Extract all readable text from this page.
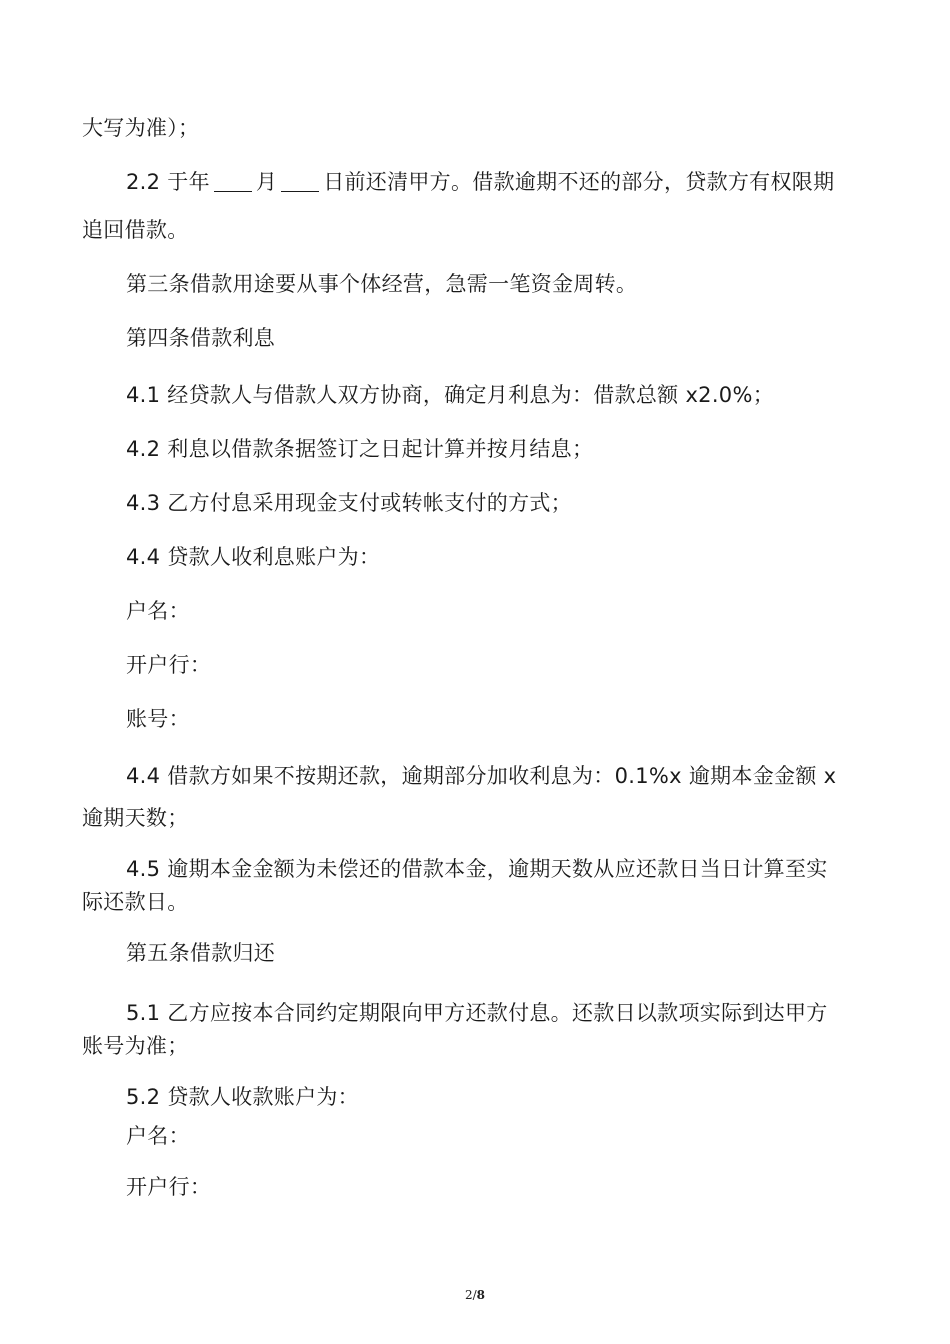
大写为准）；
2.2 于年 月 日前还清甲方。借款逾期不还的部分，贷款方有权限期
追回借款。
第三条借款用途要从事个体经营，急需一笔资金周转。
第四条借款利息
4.1 经贷款人与借款人双方协商，确定月利息为：借款总额 x2.0%；
4.2 利息以借款条据签订之日起计算并按月结息；
4.3 乙方付息采用现金支付或转帐支付的方式；
4.4 贷款人收利息账户为：
户名：
开户行：
账号：
4.4 借款方如果不按期还款，逾期部分加收利息为：0.1%x 逾期本金金额 x
逾期天数；
4.5 逾期本金金额为未偿还的借款本金，逾期天数从应还款日当日计算至实
际还款日。
第五条借款归还
5.1 乙方应按本合同约定期限向甲方还款付息。还款日以款项实际到达甲方
账号为准；
5.2 贷款人收款账户为：
户名：
开户行：
2/8
